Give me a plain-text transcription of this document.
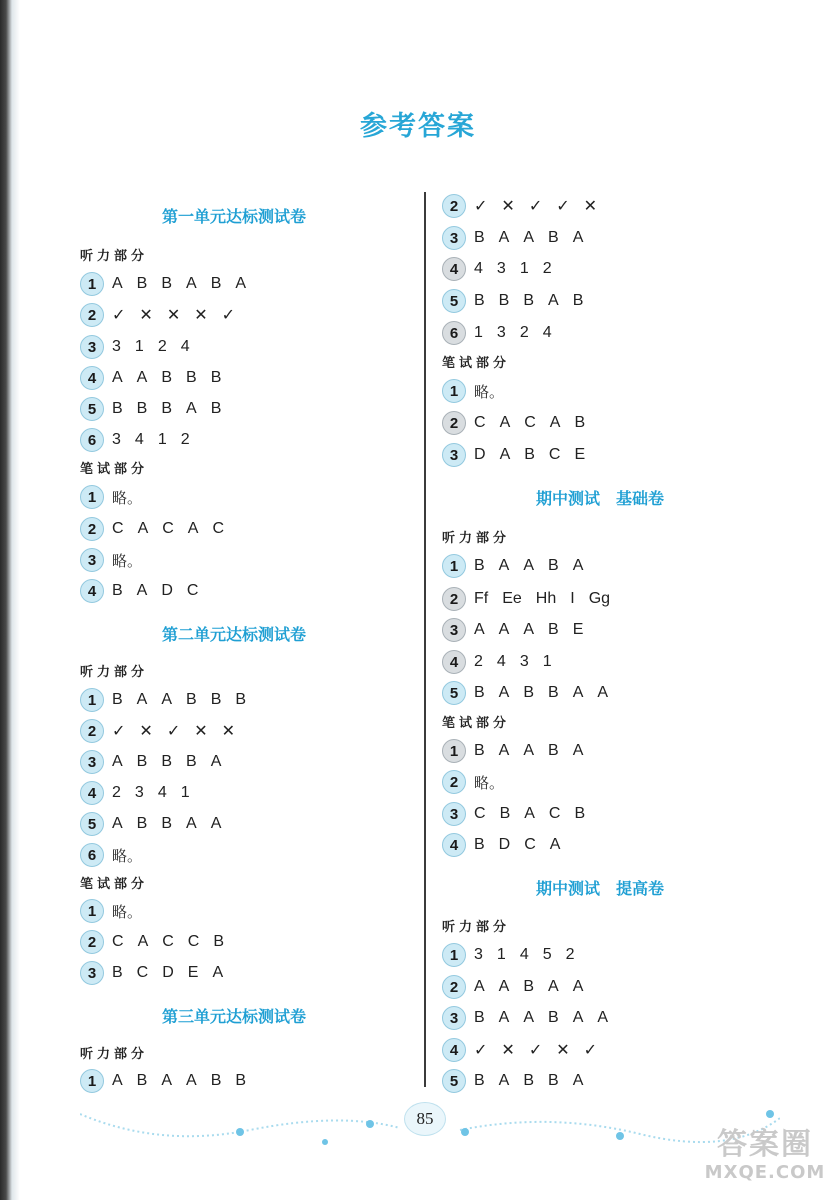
参考答案
第一单元达标测试卷
听力部分
1 A B B A B A
2 ✓ ✕ ✕ ✕ ✓
3 3 1 2 4
4 A A B B B
5 B B B A B
6 3 4 1 2
笔试部分
1	略。
2 C A C A C
3	略。
4 B A D C
第二单元达标测试卷
听力部分
1 B A A B B B
2 ✓ ✕ ✓ ✕ ✕
3 A B B B A
4 2 3 4 1
5 A B B A A
6	略。
笔试部分
1	略。
2 C A C C B
3 B C D E A
第三单元达标测试卷
听力部分
1 A B A A B B
2 ✓ ✕ ✓ ✓ ✕
3 B A A B A
4 4 3 1 2
5 B B B A B
6 1 3 2 4
笔试部分
1	略。
2 C A C A B
3 D A B C E
期中测试　基础卷
听力部分
1 B A A B A
2 Ff Ee Hh I Gg
3 A A A B E
4 2 4 3 1
5 B A B B A A
笔试部分
1 B A A B A
2	略。
3 C B A C B
4 B D C A
期中测试　提高卷
听力部分
1 3 1 4 5 2
2 A A B A A
3 B A A B A A
4 ✓ ✕ ✓ ✕ ✓
5 B A B B A
85
答案圈
MXQE.COM
